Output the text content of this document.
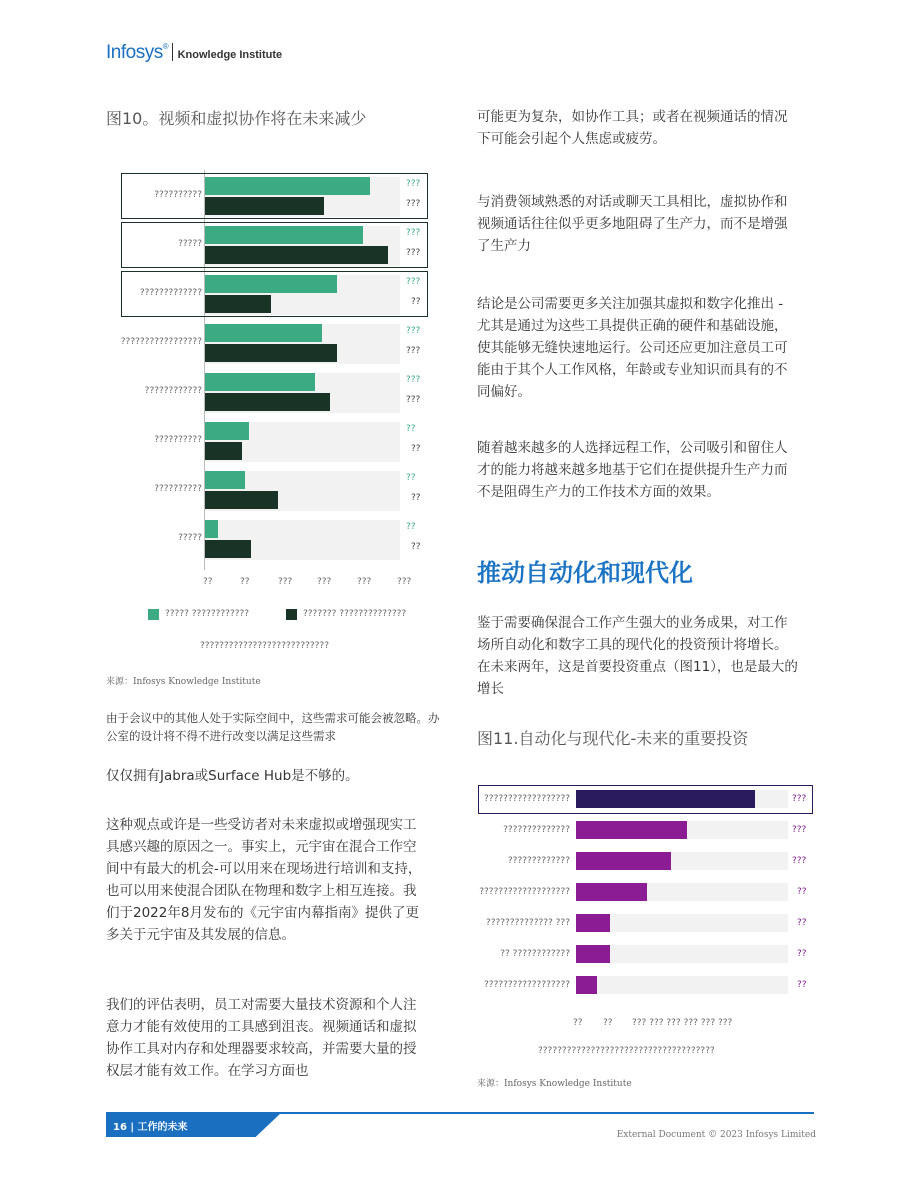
Infosys®Knowledge Institute
图10。视频和虚拟协作将在未来减少
??????????
???
???
?????
???
???
?????????????
???
??
?????????????????
???
???
????????????
???
???
??????????
??
??
??????????
??
??
?????
??
??
??	??	???	???	???	???
????? ????????????	??????? ??????????????
???????????????????????????
来源：Infosys Knowledge Institute
由于会议中的其他人处于实际空间中，这些需求可能会被忽略。办公室的设计将不得不进行改变以满足这些需求
仅仅拥有Jabra或Surface Hub是不够的。
这种观点或许是一些受访者对未来虚拟或增强现实工具感兴趣的原因之一。事实上，元宇宙在混合工作空间中有最大的机会-可以用来在现场进行培训和支持，也可以用来使混合团队在物理和数字上相互连接。我们于2022年8月发布的《元宇宙内幕指南》提供了更多关于元宇宙及其发展的信息。
我们的评估表明，员工对需要大量技术资源和个人注意力才能有效使用的工具感到沮丧。视频通话和虚拟协作工具对内存和处理器要求较高，并需要大量的授权层才能有效工作。在学习方面也
可能更为复杂，如协作工具；或者在视频通话的情况下可能会引起个人焦虑或疲劳。
与消费领域熟悉的对话或聊天工具相比，虚拟协作和视频通话往往似乎更多地阻碍了生产力，而不是增强了生产力
结论是公司需要更多关注加强其虚拟和数字化推出 - 尤其是通过为这些工具提供正确的硬件和基础设施，使其能够无缝快速地运行。公司还应更加注意员工可能由于其个人工作风格，年龄或专业知识而具有的不同偏好。
随着越来越多的人选择远程工作，公司吸引和留住人才的能力将越来越多地基于它们在提供提升生产力而不是阻碍生产力的工作技术方面的效果。
推动自动化和现代化
鉴于需要确保混合工作产生强大的业务成果，对工作场所自动化和数字工具的现代化的投资预计将增长。在未来两年，这是首要投资重点（图11），也是最大的增长
图11.自动化与现代化-未来的重要投资
??????????????????	???
??????????????	???
?????????????	???
???????????????????	??
?????????????? ???	??
?? ????????????	??
??????????????????	??
?? ?? ??? ??? ??? ??? ??? ???
?????????????????????????????????????
来源：Infosys Knowledge Institute
16 | 工作的未来
External Document © 2023 Infosys Limited
